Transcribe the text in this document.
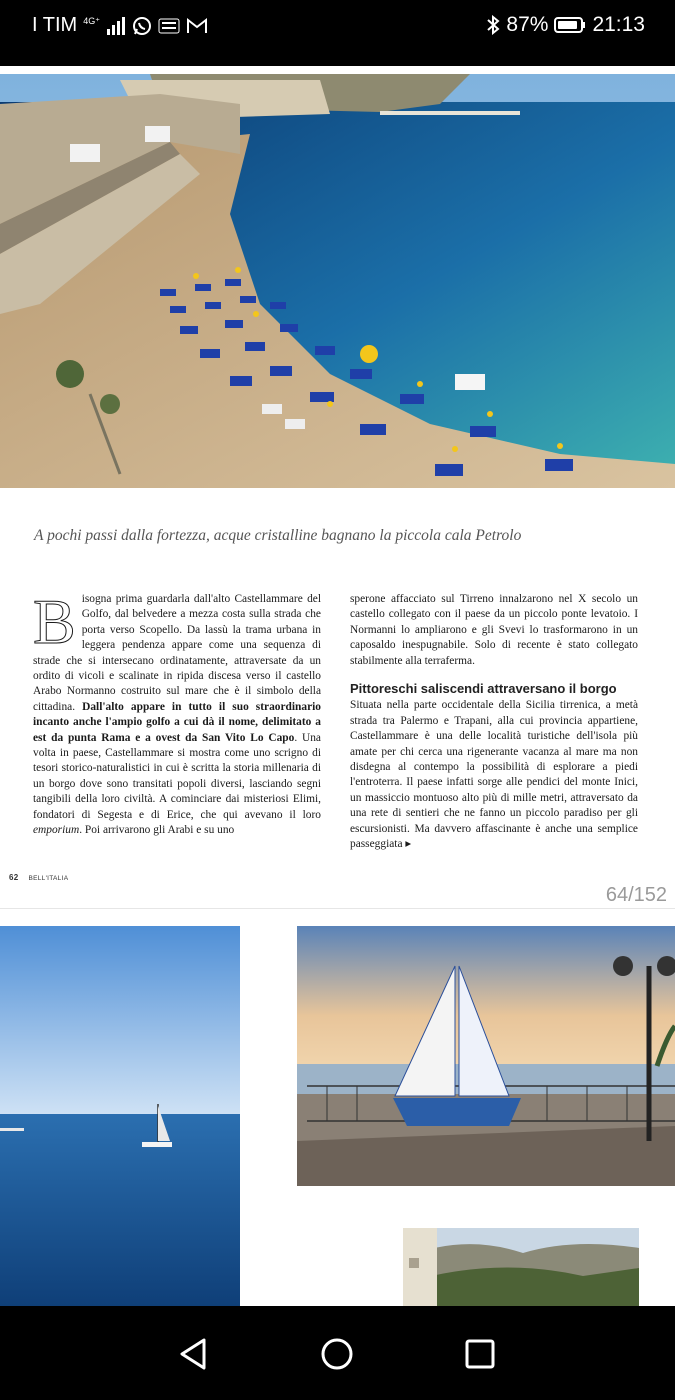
I TIM 4G⁺	87% 21:13
A pochi passi dalla fortezza, acque cristalline bagnano la piccola cala Petrolo
B isogna prima guardarla dall'alto Castellammare del Golfo, dal belvedere a mezza costa sulla strada che porta verso Scopello. Da lassù la trama urbana in leggera pendenza appare come una sequenza di strade che si intersecano ordinatamente, attraversate da un ordito di vicoli e scalinate in ripida discesa verso il castello Arabo Normanno costruito sul mare che è il simbolo della cittadina. Dall'alto appare in tutto il suo straordinario incanto anche l'ampio golfo a cui dà il nome, delimitato a est da punta Rama e a ovest da San Vito Lo Capo. Una volta in paese, Castellammare si mostra come uno scrigno di tesori storico-naturalistici in cui è scritta la storia millenaria di un borgo dove sono transitati popoli diversi, lasciando segni tangibili della loro civiltà. A cominciare dai misteriosi Elimi, fondatori di Segesta e di Erice, che qui avevano il loro emporium. Poi arrivarono gli Arabi e su uno
sperone affacciato sul Tirreno innalzarono nel X secolo un castello collegato con il paese da un piccolo ponte levatoio. I Normanni lo ampliarono e gli Svevi lo trasformarono in un caposaldo inespugnabile. Solo di recente è stato collegato stabilmente alla terraferma.
Pittoreschi saliscendi attraversano il borgo
Situata nella parte occidentale della Sicilia tirrenica, a metà strada tra Palermo e Trapani, alla cui provincia appartiene, Castellammare è una delle località turistiche dell'isola più amate per chi cerca una rigenerante vacanza al mare ma non disdegna al contempo la possibilità di esplorare a piedi l'entroterra. Il paese infatti sorge alle pendici del monte Inici, un massiccio montuoso alto più di mille metri, attraversato da una rete di sentieri che ne fanno un piccolo paradiso per gli escursionisti. Ma davvero affascinante è anche una semplice passeggiata ▸
62 BELL'ITALIA
64/152
